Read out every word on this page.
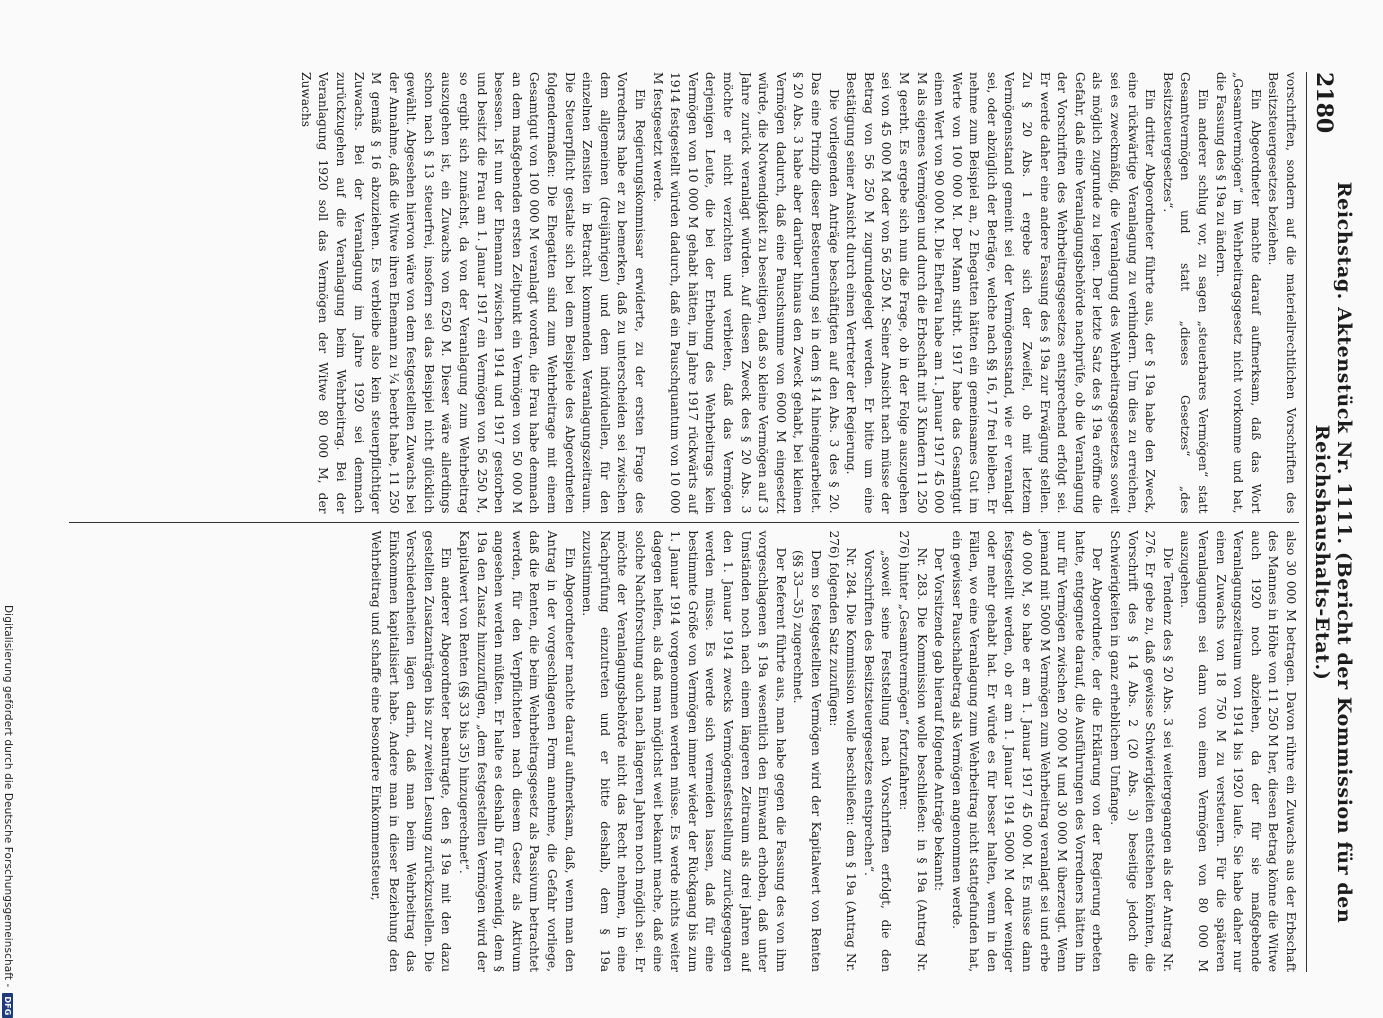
Digitalisierung gefördert durch die Deutsche Forschungsgemeinschaft -
DFG
2180
Reichstag. Aktenstück Nr. 1111. (Bericht der Kommission für den Reichshaushalts-Etat.)

vorschriften, sondern auf die materiellrechtlichen Vorschriften des Besitzsteuergesetzes beziehen.

Ein Abgeordneter machte darauf aufmerksam, daß das Wort „Gesamtvermögen“ im Wehrbeitragsgesetz nicht vorkomme und bat, die Fassung des § 19a zu ändern.

Ein anderer schlug vor, zu sagen „steuerbares Vermögen“ statt Gesamtvermögen und statt „dieses Gesetzes“ „des Besitzsteuergesetzes“.

Ein dritter Abgeordneter führte aus, der § 19a habe den Zweck, eine rückwärtige Veranlagung zu verhindern. Um dies zu erreichen, sei es zweckmäßig, die Veranlagung des Wehrbeitragsgesetzes soweit als möglich zugrunde zu legen. Der letzte Satz des § 19a eröffne die Gefahr, daß eine Veranlagungsbehörde nachprüfe, ob die Veranlagung der Vorschriften des Wehrbeitragsgesetzes entsprechend erfolgt sei. Er werde daher eine andere Fassung des § 19a zur Erwägung stellen. Zu § 20 Abs. 1 ergebe sich der Zweifel, ob mit letztem Vermögensstand gemeint sei der Vermögensstand, wie er veranlagt sei, oder abzüglich der Beträge, welche nach §§ 16, 17 frei bleiben. Er nehme zum Beispiel an, 2 Ehegatten hätten ein gemeinsames Gut im Werte von 100 000 M. Der Mann stirbt. 1917 habe das Gesamtgut einen Wert von 90 000 M. Die Ehefrau habe am 1. Januar 1917 45 000 M als eigenes Vermögen und durch die Erbschaft mit 3 Kindern 11 250 M geerbt. Es ergebe sich nun die Frage, ob in der Folge auszugehen sei von 45 000 M oder von 56 250 M. Seiner Ansicht nach müsse der Betrag von 56 250 M zugrundegelegt werden. Er bitte um eine Bestätigung seiner Ansicht durch einen Vertreter der Regierung.

Die vorliegenden Anträge beschäftigten auf den Abs. 3 des § 20. Das eine Prinzip dieser Besteuerung sei in dem § 14 hineingearbeitet. § 20 Abs. 3 habe aber darüber hinaus den Zweck gehabt, bei kleinen Vermögen dadurch, daß eine Pauschsumme von 6000 M eingesetzt würde, die Notwendigkeit zu beseitigen, daß so kleine Vermögen auf 3 Jahre zurück veranlagt würden. Auf diesen Zweck des § 20 Abs. 3 möchte er nicht verzichten und verbieten, daß das Vermögen derjenigen Leute, die bei der Erhebung des Wehrbeitrags kein Vermögen von 10 000 M gehabt hätten, im Jahre 1917 rückwärts auf 1914 festgestellt würden dadurch, daß ein Pauschquantum von 10 000 M festgesetzt werde.

Ein Regierungskommissar erwiderte, zu der ersten Frage des Vorredners habe er zu bemerken, daß zu unterscheiden sei zwischen dem allgemeinen (dreijährigen) und dem individuellen, für den einzelnen Zensiten in Betracht kommenden Veranlagungszeitraum. Die Steuerpflicht gestalte sich bei dem Beispiele des Abgeordneten folgendermaßen: Die Ehegatten sind zum Wehrbeitrage mit einem Gesamtgut von 100 000 M veranlagt worden, die Frau habe demnach an dem maßgebenden ersten Zeitpunkt ein Vermögen von 50 000 M besessen. Ist nun der Ehemann zwischen 1914 und 1917 gestorben und besitzt die Frau am 1. Januar 1917 ein Vermögen von 56 250 M, so ergibt sich zunächst, da von der Veranlagung zum Wehrbeitrag auszugehen ist, ein Zuwachs von 6250 M. Dieser wäre allerdings schon nach § 13 steuerfrei, insofern sei das Beispiel nicht glücklich gewählt. Abgesehen hiervon wäre von dem festgestellten Zuwachs bei der Annahme, daß die Witwe ihren Ehemann zu ¼ beerbt habe, 11 250 M gemäß § 16 abzuziehen. Es verbleibe also kein steuerpflichtiger Zuwachs. Bei der Veranlagung im Jahre 1920 sei demnach zurückzugehen auf die Veranlagung beim Wehrbeitrag. Bei der Veranlagung 1920 soll das Vermögen der Witwe 80 000 M, der Zuwachs

also 30 000 M betragen. Davon rühre ein Zuwachs aus der Erbschaft des Mannes in Höhe von 11 250 M her, diesen Betrag könne die Witwe auch 1920 noch abziehen, da der für sie maßgebende Veranlagungszeitraum von 1914 bis 1920 laufe. Sie habe daher nur einen Zuwachs von 18 750 M zu versteuern. Für die späteren Veranlagungen sei dann von einem Vermögen von 80 000 M auszugehen.

Die Tendenz des § 20 Abs. 3 sei weitergegangen als der Antrag Nr. 276. Er gebe zu, daß gewisse Schwierigkeiten entstehen könnten, die Vorschrift des § 14 Abs. 2 (20 Abs. 3) beseitige jedoch die Schwierigkeiten in ganz erheblichem Umfange.

Der Abgeordnete, der die Erklärung von der Regierung erbeten hatte, entgegnete darauf, die Ausführungen des Vorredners hätten ihn nur für Vermögen zwischen 20 000 M und 30 000 M überzeugt. Wenn jemand mit 5000 M Vermögen zum Wehrbeitrag veranlagt sei und erbe 40 000 M, so habe er am 1. Januar 1917 45 000 M. Es müsse dann festgestellt werden, ob er am 1. Januar 1914 5000 M oder weniger oder mehr gehabt hat. Er würde es für besser halten, wenn in den Fällen, wo eine Veranlagung zum Wehrbeitrag nicht stattgefunden hat, ein gewisser Pauschalbetrag als Vermögen angenommen werde.

Der Vorsitzende gab hierauf folgende Anträge bekannt:

Nr. 283. Die Kommission wolle beschließen: in § 19a (Antrag Nr. 276) hinter „Gesamtvermögen“ fortzufahren:

„soweit seine Feststellung nach Vorschriften erfolgt, die den Vorschriften des Besitzsteuergesetzes entsprechen“.

Nr. 284. Die Kommission wolle beschließen: dem § 19a (Antrag Nr. 276) folgenden Satz zuzufügen:

Dem so festgestellten Vermögen wird der Kapitalwert von Renten (§§ 33—35) zugerechnet.

Der Referent führte aus, man habe gegen die Fassung des von ihm vorgeschlagenen § 19a wesentlich den Einwand erhoben, daß unter Umständen noch nach einem längeren Zeitraum als drei Jahren auf den 1. Januar 1914 zwecks Vermögensfeststellung zurückgegangen werden müsse. Es werde sich vermeiden lassen, daß für eine bestimmte Größe von Vermögen immer wieder der Rückgang bis zum 1. Januar 1914 vorgenommen werden müsse. Es werde nichts weiter dagegen helfen, als daß man möglichst weit bekannt mache, daß eine solche Nachforschung auch nach längeren Jahren noch möglich sei. Er möchte der Veranlagungsbehörde nicht das Recht nehmen, in eine Nachprüfung einzutreten und er bitte deshalb, dem § 19a zuzustimmen.

Ein Abgeordneter machte darauf aufmerksam, daß, wenn man den Antrag in der vorgeschlagenen Form annehme, die Gefahr vorliege, daß die Renten, die beim Wehrbeitragsgesetz als Passivum betrachtet werden, für den Verpflichteten nach diesem Gesetz als Aktivum angesehen werden müßten. Er halte es deshalb für notwendig, dem § 19a den Zusatz hinzuzufügen, „dem festgestellten Vermögen wird der Kapitalwert von Renten (§§ 33 bis 35) hinzugerechnet“.

Ein anderer Abgeordneter beantragte, den § 19a mit den dazu gestellten Zusatzanträgen bis zur zweiten Lesung zurückzustellen. Die Verschiedenheiten lägen darin, daß man beim Wehrbeitrag das Einkommen kapitalisiert habe. Andere man in dieser Beziehung den Wehrbeitrag und schaffe eine besondere Einkommensteuer,
